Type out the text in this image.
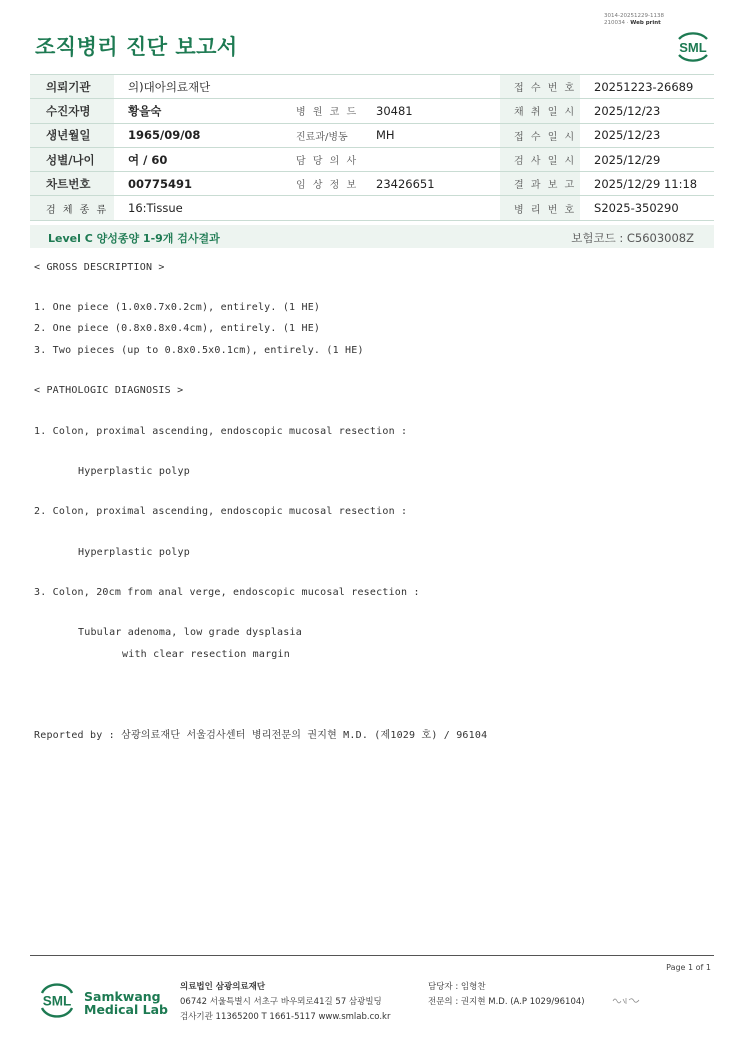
3014-20251229-1138
210034 · Web print
조직병리 진단 보고서	SML
의뢰기관	의)대아의료재단			접 수 번 호	20251223-26689
수진자명	황을숙	병 원 코 드	30481	채 취 일 시	2025/12/23
생년월일	1965/09/08	진료과/병동	MH	접 수 일 시	2025/12/23
성별/나이	여 / 60	담 당 의 사		검 사 일 시	2025/12/29
차트번호	00775491	임 상 정 보	23426651	결 과 보 고	2025/12/29 11:18
검 체 종 류	16:Tissue			병 리 번 호	S2025-350290
Level C 양성종양 1-9개 검사결과	보험코드 : C5603008Z
< GROSS DESCRIPTION >
1. One piece (1.0x0.7x0.2cm), entirely. (1 HE)
2. One piece (0.8x0.8x0.4cm), entirely. (1 HE)
3. Two pieces (up to 0.8x0.5x0.1cm), entirely. (1 HE)
< PATHOLOGIC DIAGNOSIS >
1. Colon, proximal ascending, endoscopic mucosal resection :
Hyperplastic polyp
2. Colon, proximal ascending, endoscopic mucosal resection :
Hyperplastic polyp
3. Colon, 20cm from anal verge, endoscopic mucosal resection :
Tubular adenoma, low grade dysplasia
with clear resection margin
Reported by : 삼광의료재단 서울검사센터 병리전문의 권지현 M.D. (제1029 호) / 96104
Page 1 of 1
SML Samkwang
Medical Lab
의료법인 삼광의료재단
06742 서울특별시 서초구 바우뫼로41길 57 삼광빌딩
검사기관 11365200 T 1661-5117 www.smlab.co.kr
담당자 : 임형찬
전문의 : 권지현 M.D. (A.P 1029/96104)
